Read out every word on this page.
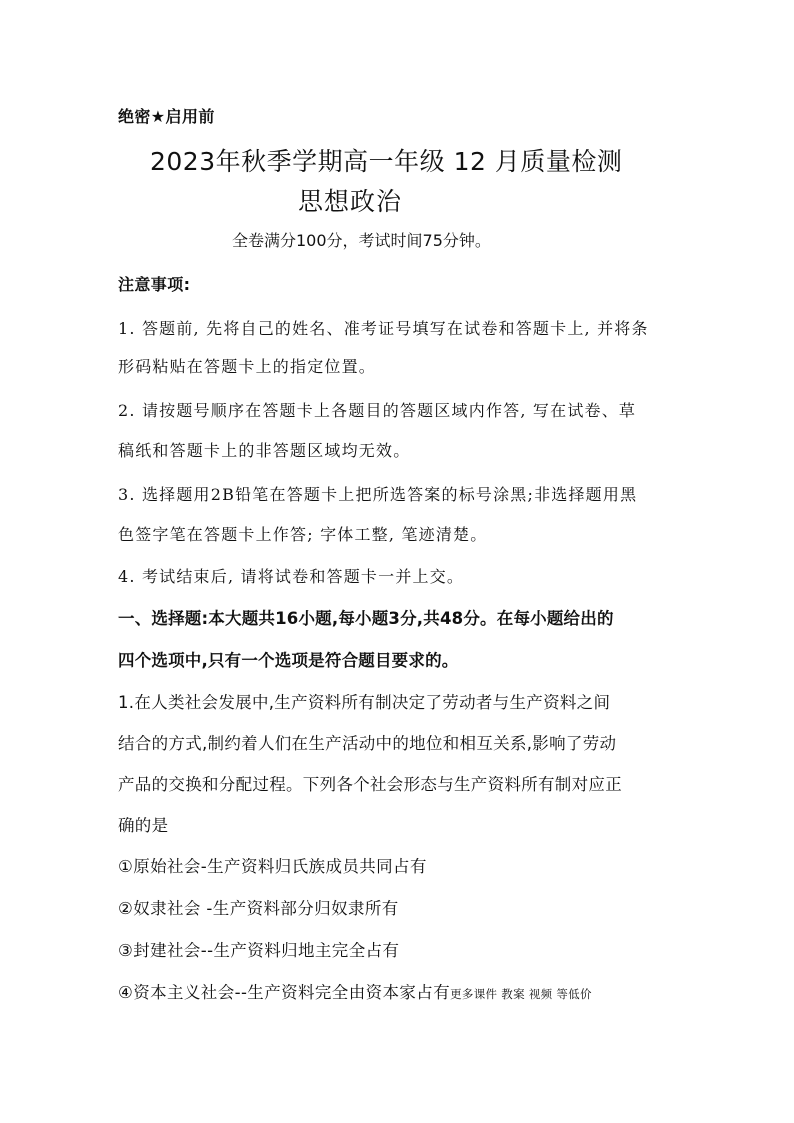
绝密★启用前
2023年秋季学期高一年级 12 月质量检测
思想政治
全卷满分100分，考试时间75分钟。
注意事项:
1. 答题前, 先将自己的姓名、准考证号填写在试卷和答题卡上, 并将条
形码粘贴在答题卡上的指定位置。
2. 请按题号顺序在答题卡上各题目的答题区域内作答, 写在试卷、草
稿纸和答题卡上的非答题区域均无效。
3. 选择题用2B铅笔在答题卡上把所选答案的标号涂黑;非选择题用黑
色签字笔在答题卡上作答; 字体工整, 笔迹清楚。
4. 考试结束后, 请将试卷和答题卡一并上交。
一、选择题:本大题共16小题,每小题3分,共48分。在每小题给出的
四个选项中,只有一个选项是符合题目要求的。
1.在人类社会发展中,生产资料所有制决定了劳动者与生产资料之间
结合的方式,制约着人们在生产活动中的地位和相互关系,影响了劳动
产品的交换和分配过程。下列各个社会形态与生产资料所有制对应正
确的是
①原始社会-生产资料归氏族成员共同占有
②奴隶社会 -生产资料部分归奴隶所有
③封建社会--生产资料归地主完全占有
④资本主义社会--生产资料完全由资本家占有更多课件 教案 视频 等低价
